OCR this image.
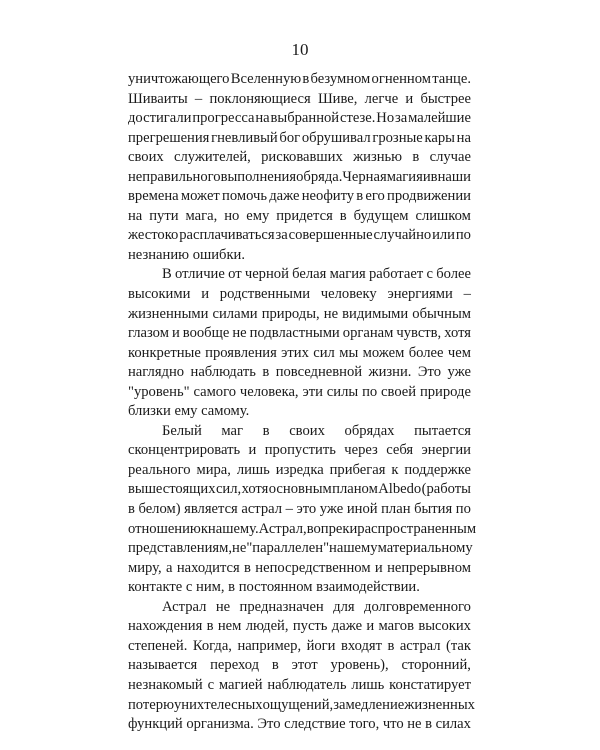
10
уничтожающего Вселенную в безумном огненном танце.
Шиваиты – поклоняющиеся Шиве, легче и быстрее
достигали прогресса на выбранной стезе. Но за малейшие
прегрешения гневливый бог обрушивал грозные кары на
своих служителей, рисковавших жизнью в случае
неправильного выполнения обряда. Черная магия и в наши
времена может помочь даже неофиту в его продвижении
на пути мага, но ему придется в будущем слишком
жестоко расплачиваться за совершенные случайно или по
незнанию ошибки.
В отличие от черной белая магия работает с более
высокими и родственными человеку энергиями –
жизненными силами природы, не видимыми обычным
глазом и вообще не подвластными органам чувств, хотя
конкретные проявления этих сил мы можем более чем
наглядно наблюдать в повседневной жизни. Это уже
"уровень" самого человека, эти силы по своей природе
близки ему самому.
Белый маг в своих обрядах пытается
сконцентрировать и пропустить через себя энергии
реального мира, лишь изредка прибегая к поддержке
вышестоящих сил, хотя основным планом Albedo (работы
в белом) является астрал – это уже иной план бытия по
отношению к нашему. Астрал, вопреки распространенным
представлениям, не "параллелен" нашему материальному
миру, а находится в непосредственном и непрерывном
контакте с ним, в постоянном взаимодействии.
Астрал не предназначен для долговременного
нахождения в нем людей, пусть даже и магов высоких
степеней. Когда, например, йоги входят в астрал (так
называется переход в этот уровень), сторонний,
незнакомый с магией наблюдатель лишь констатирует
потерю у них телесных ощущений, замедление жизненных
функций организма. Это следствие того, что не в силах
